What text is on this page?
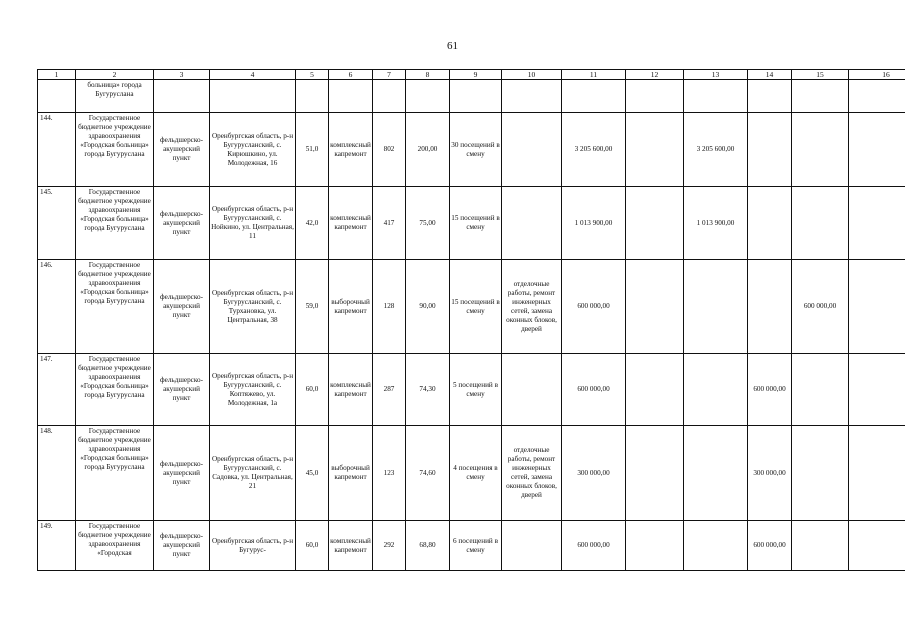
61
1	2	3	4	5	6	7	8	9	10	11	12	13	14	15	16
	больница» города Бугуруслана														
144.	Государственное бюджетное учреждение здравоохранения «Городская больница» города Бугуруслана	фельдшерско-акушерский пункт	Оренбургская область, р-н Бугурусланский, с. Кирюшкино, ул. Молодежная, 16	51,0	комплексный капремонт	802	200,00	30 посещений в смену		3 205 600,00		3 205 600,00			
145.	Государственное бюджетное учреждение здравоохранения «Городская больница» города Бугуруслана	фельдшерско-акушерский пункт	Оренбургская область, р-н Бугурусланский, с. Нойкино, ул. Центральная, 11	42,0	комплексный капремонт	417	75,00	15 посещений в смену		1 013 900,00		1 013 900,00			
146.	Государственное бюджетное учреждение здравоохранения «Городская больница» города Бугуруслана	фельдшерско-акушерский пункт	Оренбургская область, р-н Бугурусланский, с. Турхановка, ул. Центральная, 38	59,0	выборочный капремонт	128	90,00	15 посещений в смену	отделочные работы, ремонт инженерных сетей, замена оконных блоков, дверей	600 000,00				600 000,00	
147.	Государственное бюджетное учреждение здравоохранения «Городская больница» города Бугуруслана	фельдшерско-акушерский пункт	Оренбургская область, р-н Бугурусланский, с. Коптяжево, ул. Молодежная, 1а	60,0	комплексный капремонт	287	74,30	5 посещений в смену		600 000,00			600 000,00		
148.	Государственное бюджетное учреждение здравоохранения «Городская больница» города Бугуруслана	фельдшерско-акушерский пункт	Оренбургская область, р-н Бугурусланский, с. Садовка, ул. Центральная, 21	45,0	выборочный капремонт	123	74,60	4 посещения в смену	отделочные работы, ремонт инженерных сетей, замена оконных блоков, дверей	300 000,00			300 000,00		
149.	Государственное бюджетное учреждение здравоохранения «Городская	фельдшерско-акушерский пункт	Оренбургская область, р-н Бугурус-	60,0	комплексный капремонт	292	68,80	6 посещений в смену		600 000,00			600 000,00		
